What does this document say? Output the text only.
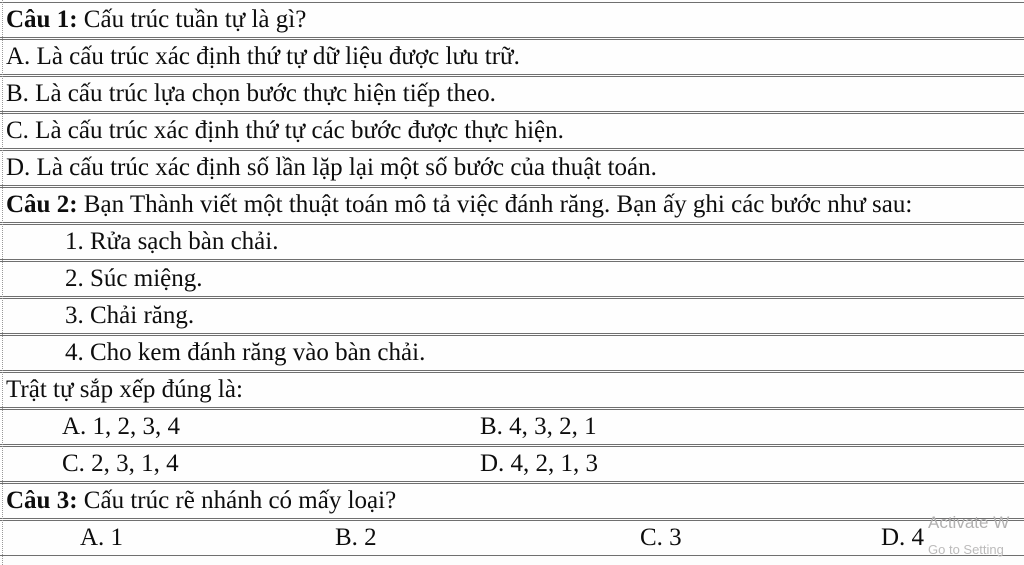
Câu 1: Cấu trúc tuần tự là gì?
A. Là cấu trúc xác định thứ tự dữ liệu được lưu trữ.
B. Là cấu trúc lựa chọn bước thực hiện tiếp theo.
C. Là cấu trúc xác định thứ tự các bước được thực hiện.
D. Là cấu trúc xác định số lần lặp lại một số bước của thuật toán.
Câu 2: Bạn Thành viết một thuật toán mô tả việc đánh răng. Bạn ấy ghi các bước như sau:
1. Rửa sạch bàn chải.
2. Súc miệng.
3. Chải răng.
4. Cho kem đánh răng vào bàn chải.
Trật tự sắp xếp đúng là:
A. 1, 2, 3, 4	B. 4, 3, 2, 1
C. 2, 3, 1, 4	D. 4, 2, 1, 3
Câu 3: Cấu trúc rẽ nhánh có mấy loại?
A. 1	B. 2	C. 3	D. 4
Activate W
Go to Setting
